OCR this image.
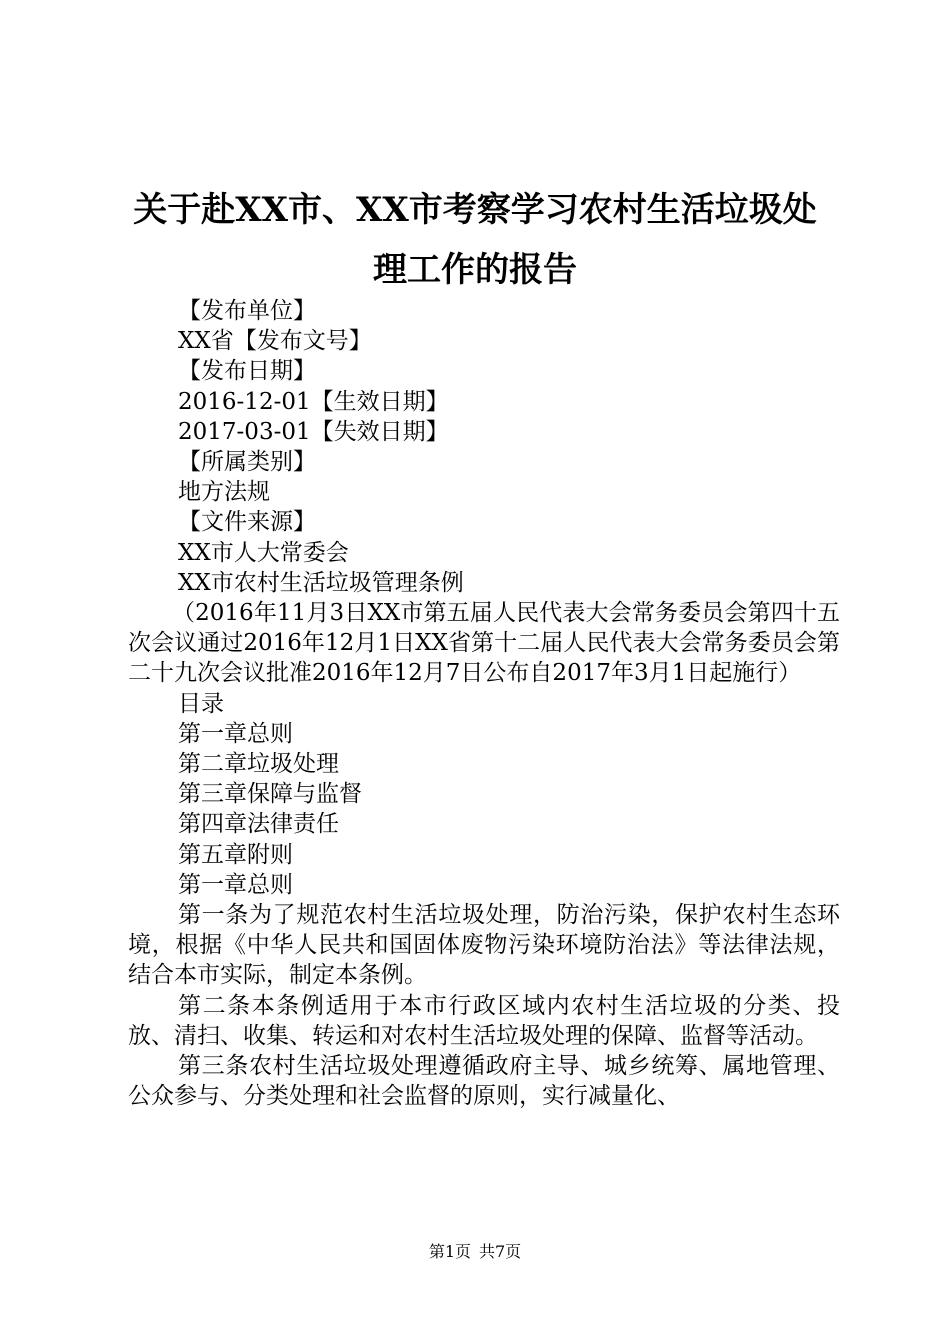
关于赴XX市、XX市考察学习农村生活垃圾处
理工作的报告
【发布单位】
XX省【发布文号】
【发布日期】
2016-12-01【生效日期】
2017-03-01【失效日期】
【所属类别】
地方法规
【文件来源】
XX市人大常委会
XX市农村生活垃圾管理条例
（2016年11月3日XX市第五届人民代表大会常务委员会第四十五次会议通过2016年12月1日XX省第十二届人民代表大会常务委员会第二十九次会议批准2016年12月7日公布自2017年3月1日起施行）
目录
第一章总则
第二章垃圾处理
第三章保障与监督
第四章法律责任
第五章附则
第一章总则
第一条为了规范农村生活垃圾处理，防治污染，保护农村生态环境，根据《中华人民共和国固体废物污染环境防治法》等法律法规，结合本市实际，制定本条例。
第二条本条例适用于本市行政区域内农村生活垃圾的分类、投放、清扫、收集、转运和对农村生活垃圾处理的保障、监督等活动。
第三条农村生活垃圾处理遵循政府主导、城乡统筹、属地管理、公众参与、分类处理和社会监督的原则，实行减量化、
第1页 共7页
